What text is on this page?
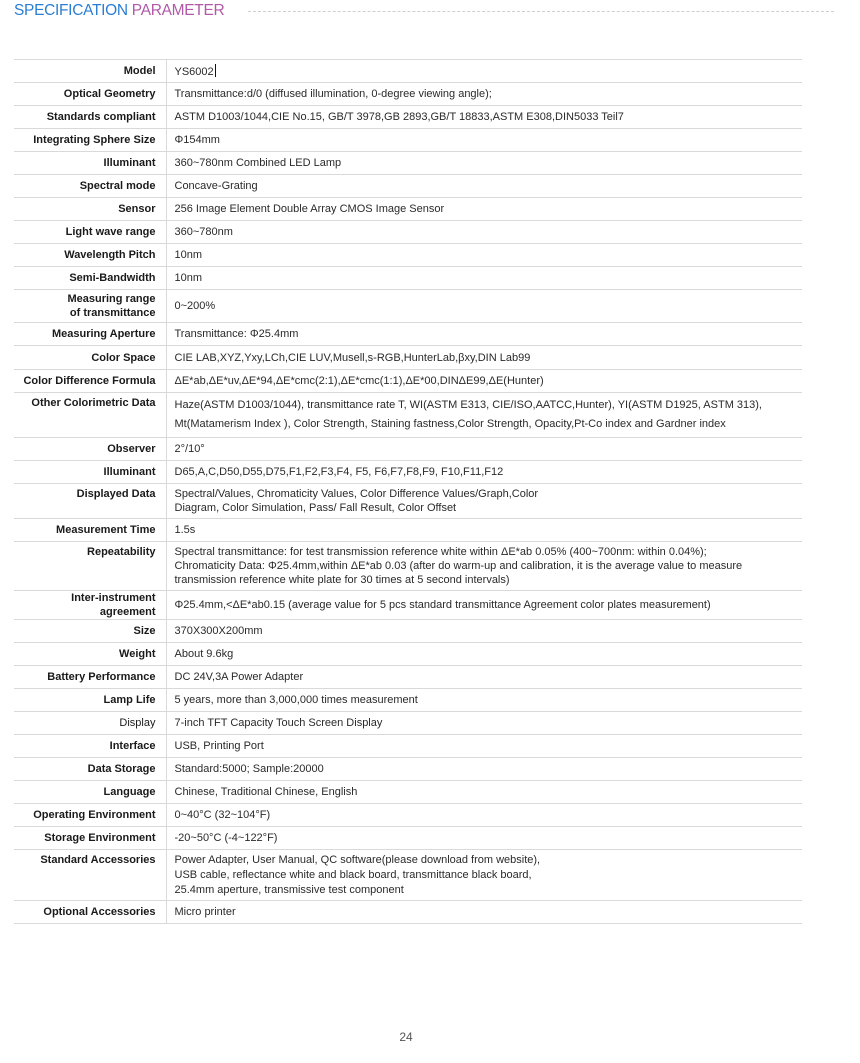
SPECIFICATION PARAMETER
Model	YS6002
Optical Geometry	Transmittance:d/0 (diffused illumination, 0-degree viewing angle);
Standards compliant	ASTM D1003/1044,CIE No.15, GB/T 3978,GB 2893,GB/T 18833,ASTM E308,DIN5033 Teil7
Integrating Sphere Size	Φ154mm
Illuminant	360~780nm Combined LED Lamp
Spectral mode	Concave-Grating
Sensor	256 Image Element Double Array CMOS Image Sensor
Light wave range	360~780nm
Wavelength Pitch	10nm
Semi-Bandwidth	10nm
Measuring range
of transmittance	0~200%
Measuring Aperture	Transmittance: Φ25.4mm
Color Space	CIE LAB,XYZ,Yxy,LCh,CIE LUV,Musell,s-RGB,HunterLab,βxy,DIN Lab99
Color Difference Formula	ΔE*ab,ΔE*uv,ΔE*94,ΔE*cmc(2:1),ΔE*cmc(1:1),ΔE*00,DINΔE99,ΔE(Hunter)
Other Colorimetric Data	Haze(ASTM D1003/1044), transmittance rate T, WI(ASTM E313, CIE/ISO,AATCC,Hunter), YI(ASTM D1925, ASTM 313),
Mt(Matamerism Index ), Color Strength, Staining fastness,Color Strength, Opacity,Pt-Co index and Gardner index
Observer	2°/10°
Illuminant	D65,A,C,D50,D55,D75,F1,F2,F3,F4, F5, F6,F7,F8,F9, F10,F11,F12
Displayed Data	Spectral/Values, Chromaticity Values, Color Difference Values/Graph,Color
Diagram, Color Simulation, Pass/ Fall Result, Color Offset
Measurement Time	1.5s
Repeatability	Spectral transmittance: for test transmission reference white within ΔE*ab 0.05% (400~700nm: within 0.04%);
Chromaticity Data: Φ25.4mm,within ΔE*ab 0.03 (after do warm-up and calibration, it is the average value to measure
transmission reference white plate for 30 times at 5 second intervals)
Inter-instrument agreement	Φ25.4mm,<ΔE*ab0.15 (average value for 5 pcs standard transmittance Agreement color plates measurement)
Size	370X300X200mm
Weight	About 9.6kg
Battery Performance	DC 24V,3A Power Adapter
Lamp Life	5 years, more than 3,000,000 times measurement
Display	7-inch TFT Capacity Touch Screen Display
Interface	USB, Printing Port
Data Storage	Standard:5000; Sample:20000
Language	Chinese, Traditional Chinese, English
Operating Environment	0~40°C (32~104°F)
Storage Environment	-20~50°C (-4~122°F)
Standard Accessories	Power Adapter, User Manual, QC software(please download from website),
USB cable, reflectance white and black board, transmittance black board,
25.4mm aperture, transmissive test component
Optional Accessories	Micro printer
24
